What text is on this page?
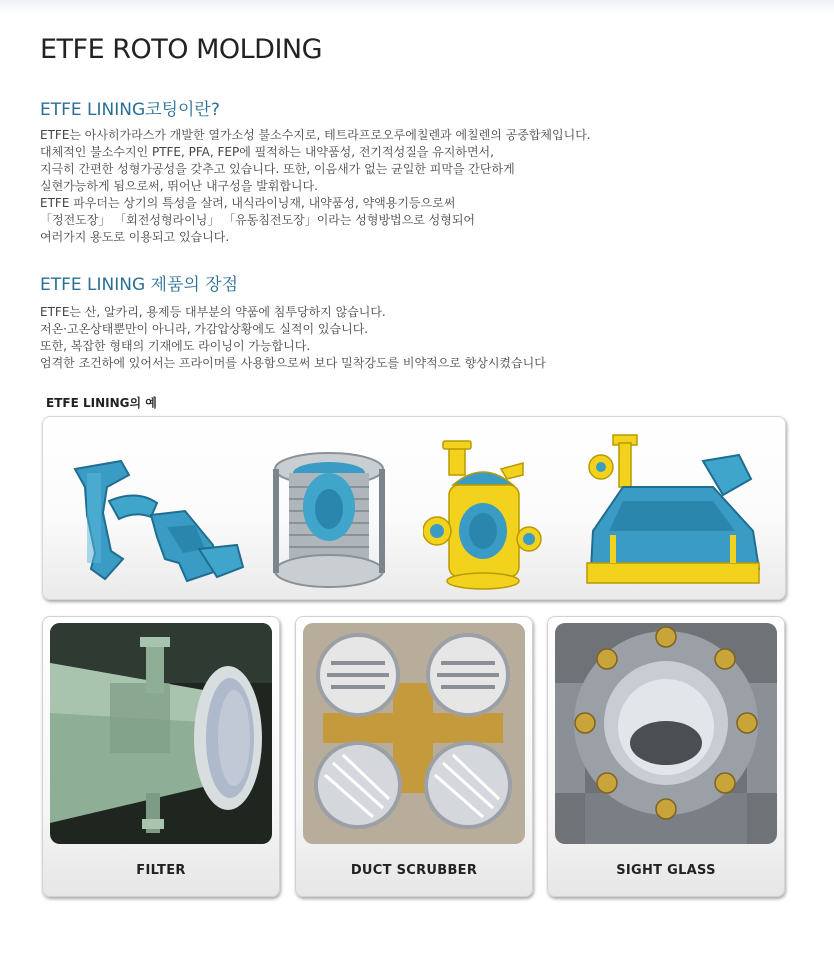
ETFE ROTO MOLDING
ETFE LINING코팅이란?
ETFE는 아사히가라스가 개발한 열가소성 불소수지로, 테트라프로오루에칠렌과 에칠렌의 공중합체입니다.
대체적인 불소수지인 PTFE, PFA, FEP에 필적하는 내약품성, 전기적성질을 유지하면서,
지극히 간편한 성형가공성을 갖추고 있습니다. 또한, 이음새가 없는 균일한 피막을 간단하게
실현가능하게 됨으로써, 뛰어난 내구성을 발휘합니다.
ETFE 파우더는 상기의 특성을 살려, 내식라이닝재, 내약품성, 약액용기등으로써
「정전도장」 「회전성형라이닝」 「유동침전도장」이라는 성형방법으로 성형되어
여러가지 용도로 이용되고 있습니다.
ETFE LINING 제품의 장점
ETFE는 산, 알카리, 용제등 대부분의 약품에 침투당하지 않습니다.
저온·고온상태뿐만이 아니라, 가감압상황에도 실적이 있습니다.
또한, 복잡한 형태의 기재에도 라이닝이 가능합니다.
엄격한 조건하에 있어서는 프라이머를 사용함으로써 보다 밀착강도를 비약적으로 향상시켰습니다
ETFE LINING의 예
FILTER	DUCT SCRUBBER	SIGHT GLASS
